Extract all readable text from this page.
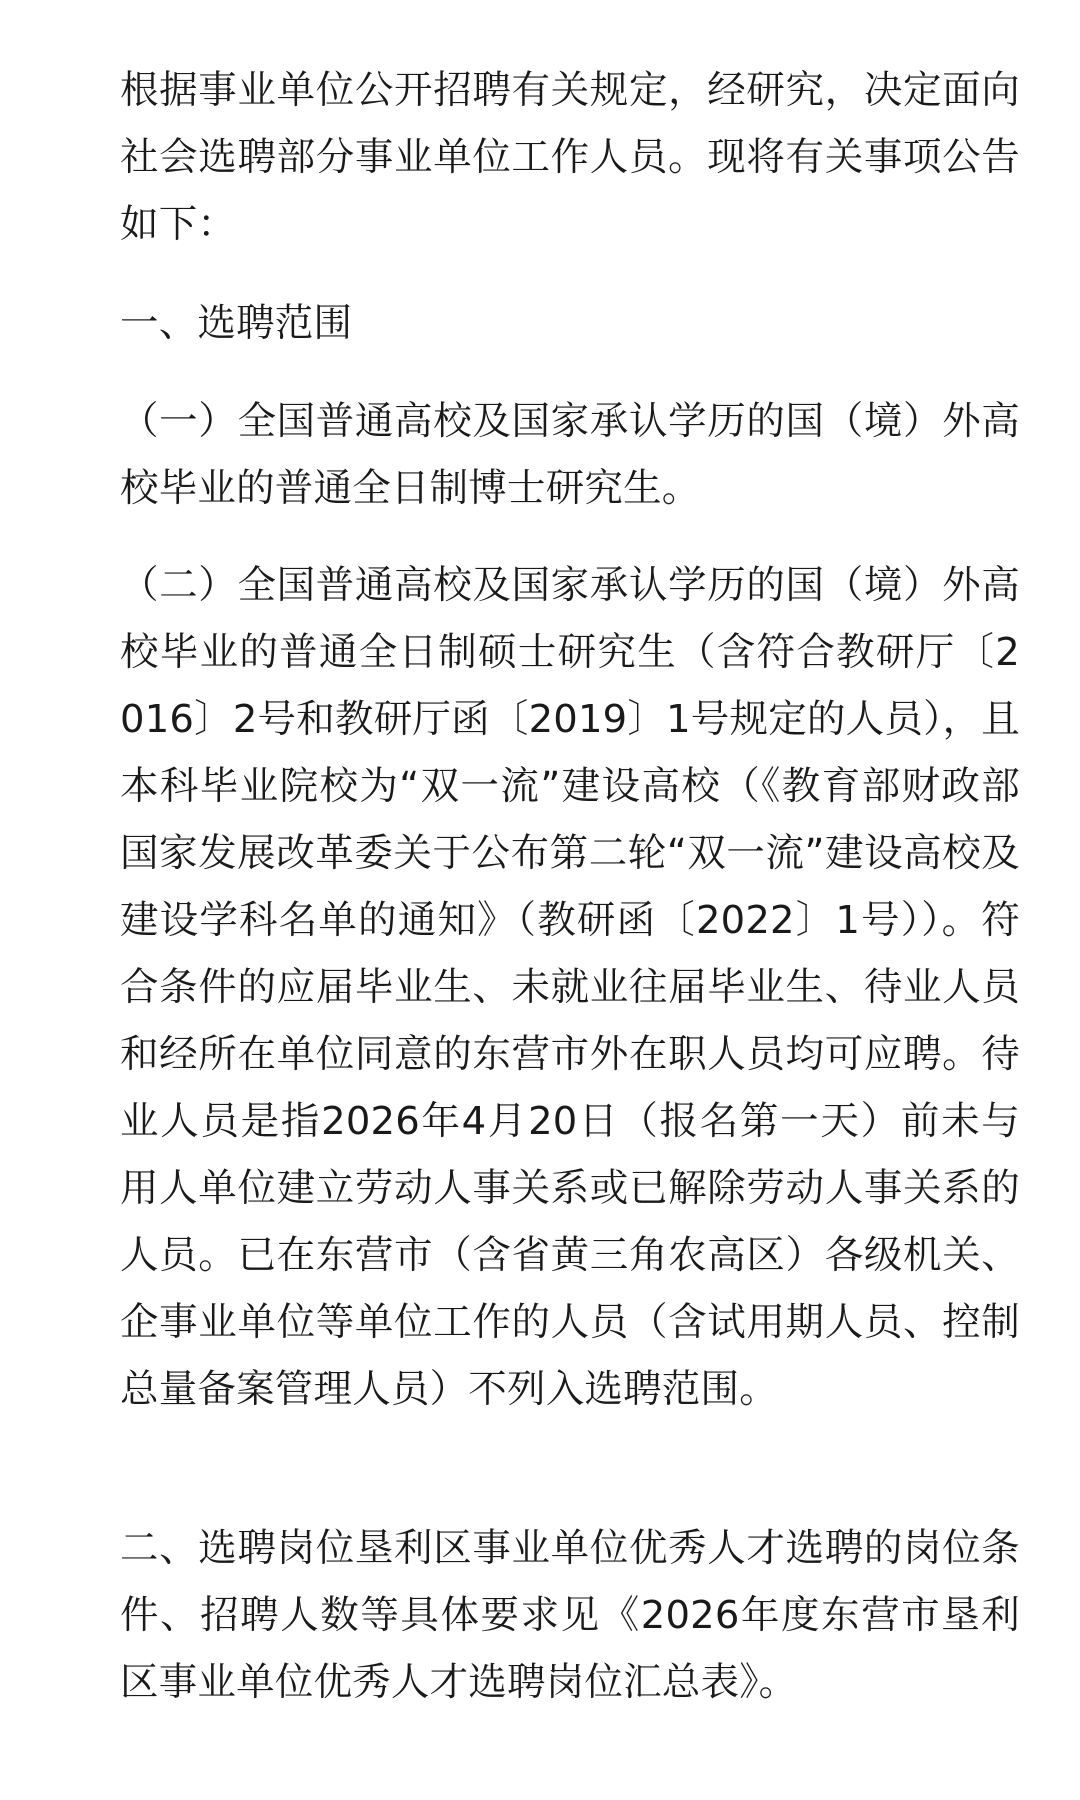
根据事业单位公开招聘有关规定，经研究，决定面向社会选聘部分事业单位工作人员。现将有关事项公告如下：

一、选聘范围

（一）全国普通高校及国家承认学历的国（境）外高校毕业的普通全日制博士研究生。

（二）全国普通高校及国家承认学历的国（境）外高校毕业的普通全日制硕士研究生（含符合教研厅〔2016〕2号和教研厅函〔2019〕1号规定的人员），且本科毕业院校为“双一流”建设高校（《教育部财政部国家发展改革委关于公布第二轮“双一流”建设高校及建设学科名单的通知》（教研函〔2022〕1号））。符合条件的应届毕业生、未就业往届毕业生、待业人员和经所在单位同意的东营市外在职人员均可应聘。待业人员是指2026年4月20日（报名第一天）前未与用人单位建立劳动人事关系或已解除劳动人事关系的人员。已在东营市（含省黄三角农高区）各级机关、企事业单位等单位工作的人员（含试用期人员、控制总量备案管理人员）不列入选聘范围。

二、选聘岗位垦利区事业单位优秀人才选聘的岗位条件、招聘人数等具体要求见《2026年度东营市垦利区事业单位优秀人才选聘岗位汇总表》。
